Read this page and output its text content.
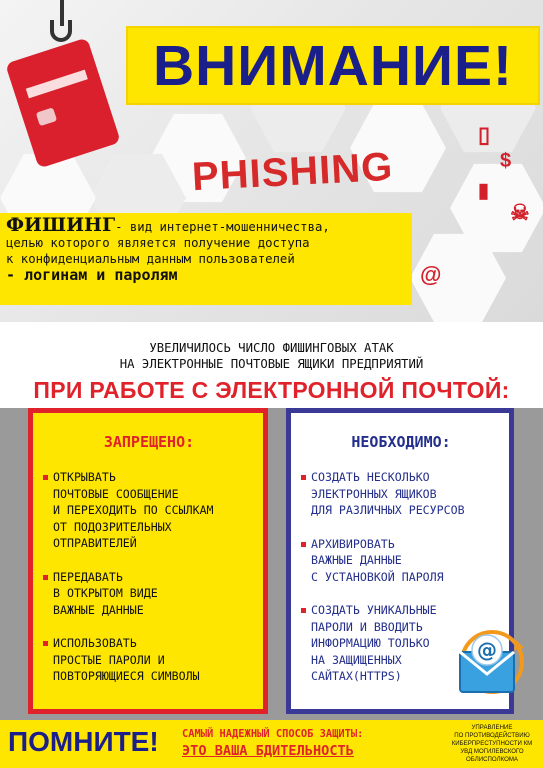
PHISHING
▯
$
▮
☠
@
ВНИМАНИЕ!
ФИШИНГ- вид интернет-мошенничества,
целью которого является получение доступа
к конфиденциальным данным пользователей
- логинам и паролям
УВЕЛИЧИЛОСЬ ЧИСЛО ФИШИНГОВЫХ АТАК
НА ЭЛЕКТРОННЫЕ ПОЧТОВЫЕ ЯЩИКИ ПРЕДПРИЯТИЙ
ПРИ РАБОТЕ С ЭЛЕКТРОННОЙ ПОЧТОЙ:
ЗАПРЕЩЕНО:
ОТКРЫВАТЬ
ПОЧТОВЫЕ СООБЩЕНИЕ
И ПЕРЕХОДИТЬ ПО ССЫЛКАМ
ОТ ПОДОЗРИТЕЛЬНЫХ
ОТПРАВИТЕЛЕЙ
ПЕРЕДАВАТЬ
В ОТКРЫТОМ ВИДЕ
ВАЖНЫЕ ДАННЫЕ
ИСПОЛЬЗОВАТЬ
ПРОСТЫЕ ПАРОЛИ И
ПОВТОРЯЮЩИЕСЯ СИМВОЛЫ
НЕОБХОДИМО:
СОЗДАТЬ НЕСКОЛЬКО
ЭЛЕКТРОННЫХ ЯЩИКОВ
ДЛЯ РАЗЛИЧНЫХ РЕСУРСОВ
АРХИВИРОВАТЬ
ВАЖНЫЕ ДАННЫЕ
С УСТАНОВКОЙ ПАРОЛЯ
СОЗДАТЬ УНИКАЛЬНЫЕ
ПАРОЛИ И ВВОДИТЬ
ИНФОРМАЦИЮ ТОЛЬКО
НА ЗАЩИЩЕННЫХ
САЙТАХ(HTTPS)
@
ПОМНИТЕ! САМЫЙ НАДЕЖНЫЙ СПОСОБ ЗАЩИТЫ:
ЭТО ВАША БДИТЕЛЬНОСТЬ
УПРАВЛЕНИЕ
ПО ПРОТИВОДЕЙСТВИЮ
КИБЕРПРЕСТУПНОСТИ КМ
УВД МОГИЛЕВСКОГО
ОБЛИСПОЛКОМА
